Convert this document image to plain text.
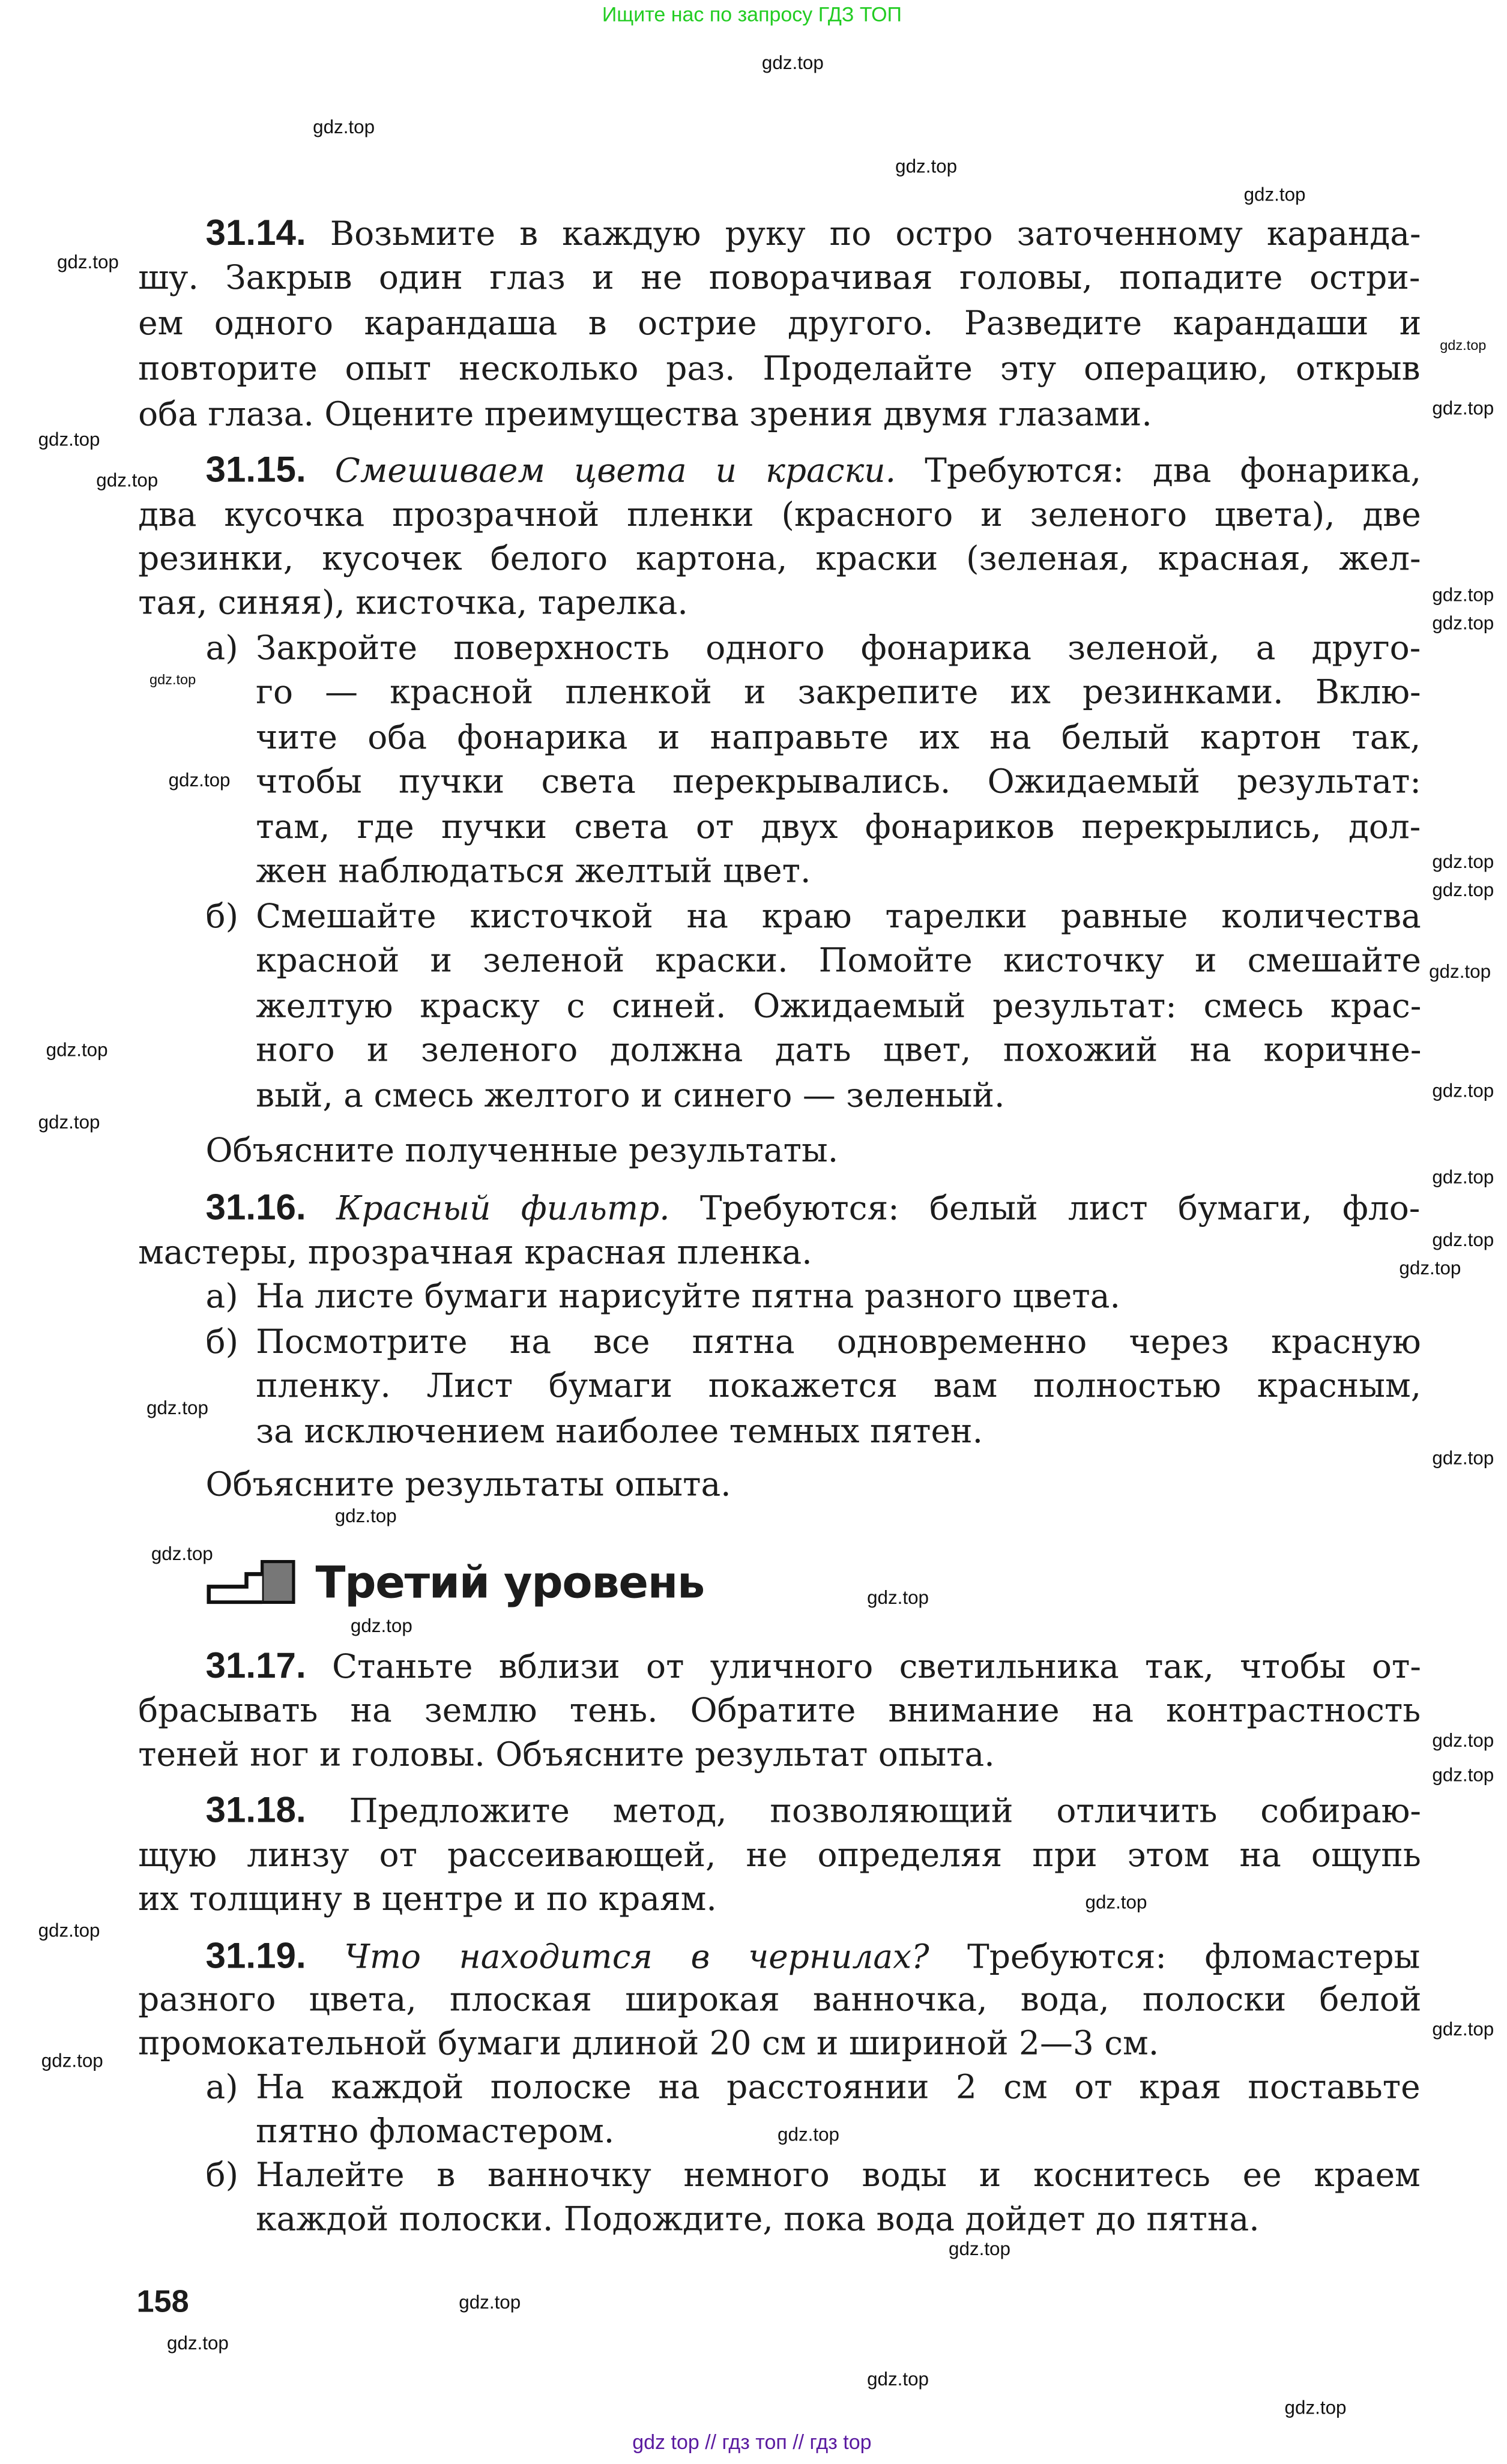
Ищите нас по запросу ГДЗ ТОП
31.14. Возьмите в каждую руку по остро заточенному каранда-
шу. Закрыв один глаз и не поворачивая головы, попадите остри-
ем одного карандаша в острие другого. Разведите карандаши и
повторите опыт несколько раз. Проделайте эту операцию, открыв
оба глаза. Оцените преимущества зрения двумя глазами.
31.15. Смешиваем цвета и краски. Требуются: два фонарика,
два кусочка прозрачной пленки (красного и зеленого цвета), две
резинки, кусочек белого картона, краски (зеленая, красная, жел-
тая, синяя), кисточка, тарелка.
а) Закройте поверхность одного фонарика зеленой, а друго-
го — красной пленкой и закрепите их резинками. Вклю-
чите оба фонарика и направьте их на белый картон так,
чтобы пучки света перекрывались. Ожидаемый результат:
там, где пучки света от двух фонариков перекрылись, дол-
жен наблюдаться желтый цвет.
б) Смешайте кисточкой на краю тарелки равные количества
красной и зеленой краски. Помойте кисточку и смешайте
желтую краску с синей. Ожидаемый результат: смесь крас-
ного и зеленого должна дать цвет, похожий на коричне-
вый, а смесь желтого и синего — зеленый.
Объясните полученные результаты.
31.16. Красный фильтр. Требуются: белый лист бумаги, фло-
мастеры, прозрачная красная пленка.
а) На листе бумаги нарисуйте пятна разного цвета.
б) Посмотрите на все пятна одновременно через красную
пленку. Лист бумаги покажется вам полностью красным,
за исключением наиболее темных пятен.
Объясните результаты опыта.
31.17. Станьте вблизи от уличного светильника так, чтобы от-
брасывать на землю тень. Обратите внимание на контрастность
теней ног и головы. Объясните результат опыта.
31.18.	Предложите метод, позволяющий отличить собираю-
щую линзу от рассеивающей, не определяя при этом на ощупь
их толщину в центре и по краям.
31.19.	Что находится в чернилах?	Требуются: фломастеры
разного цвета, плоская широкая ванночка, вода, полоски белой
промокательной бумаги длиной 20 см и шириной 2—3 см.
а) На каждой полоске на расстоянии 2 см от края поставьте
пятно фломастером.
б) Налейте в ванночку немного воды и коснитесь ее краем
каждой полоски. Подождите, пока вода дойдет до пятна.
Третий уровень
158
gdz.top
gdz.top
gdz.top
gdz.top
gdz.top
gdz.top
gdz.top
gdz.top
gdz.top
gdz.top
gdz.top
gdz.top
gdz.top
gdz.top
gdz.top
gdz.top
gdz.top
gdz.top
gdz.top
gdz.top
gdz.top
gdz.top
gdz.top
gdz.top
gdz.top
gdz.top
gdz.top
gdz.top
gdz.top
gdz.top
gdz.top
gdz.top
gdz.top
gdz.top
gdz.top
gdz.top
gdz.top
gdz.top
gdz.top
gdz.top
gdz top // гдз топ // гдз top
